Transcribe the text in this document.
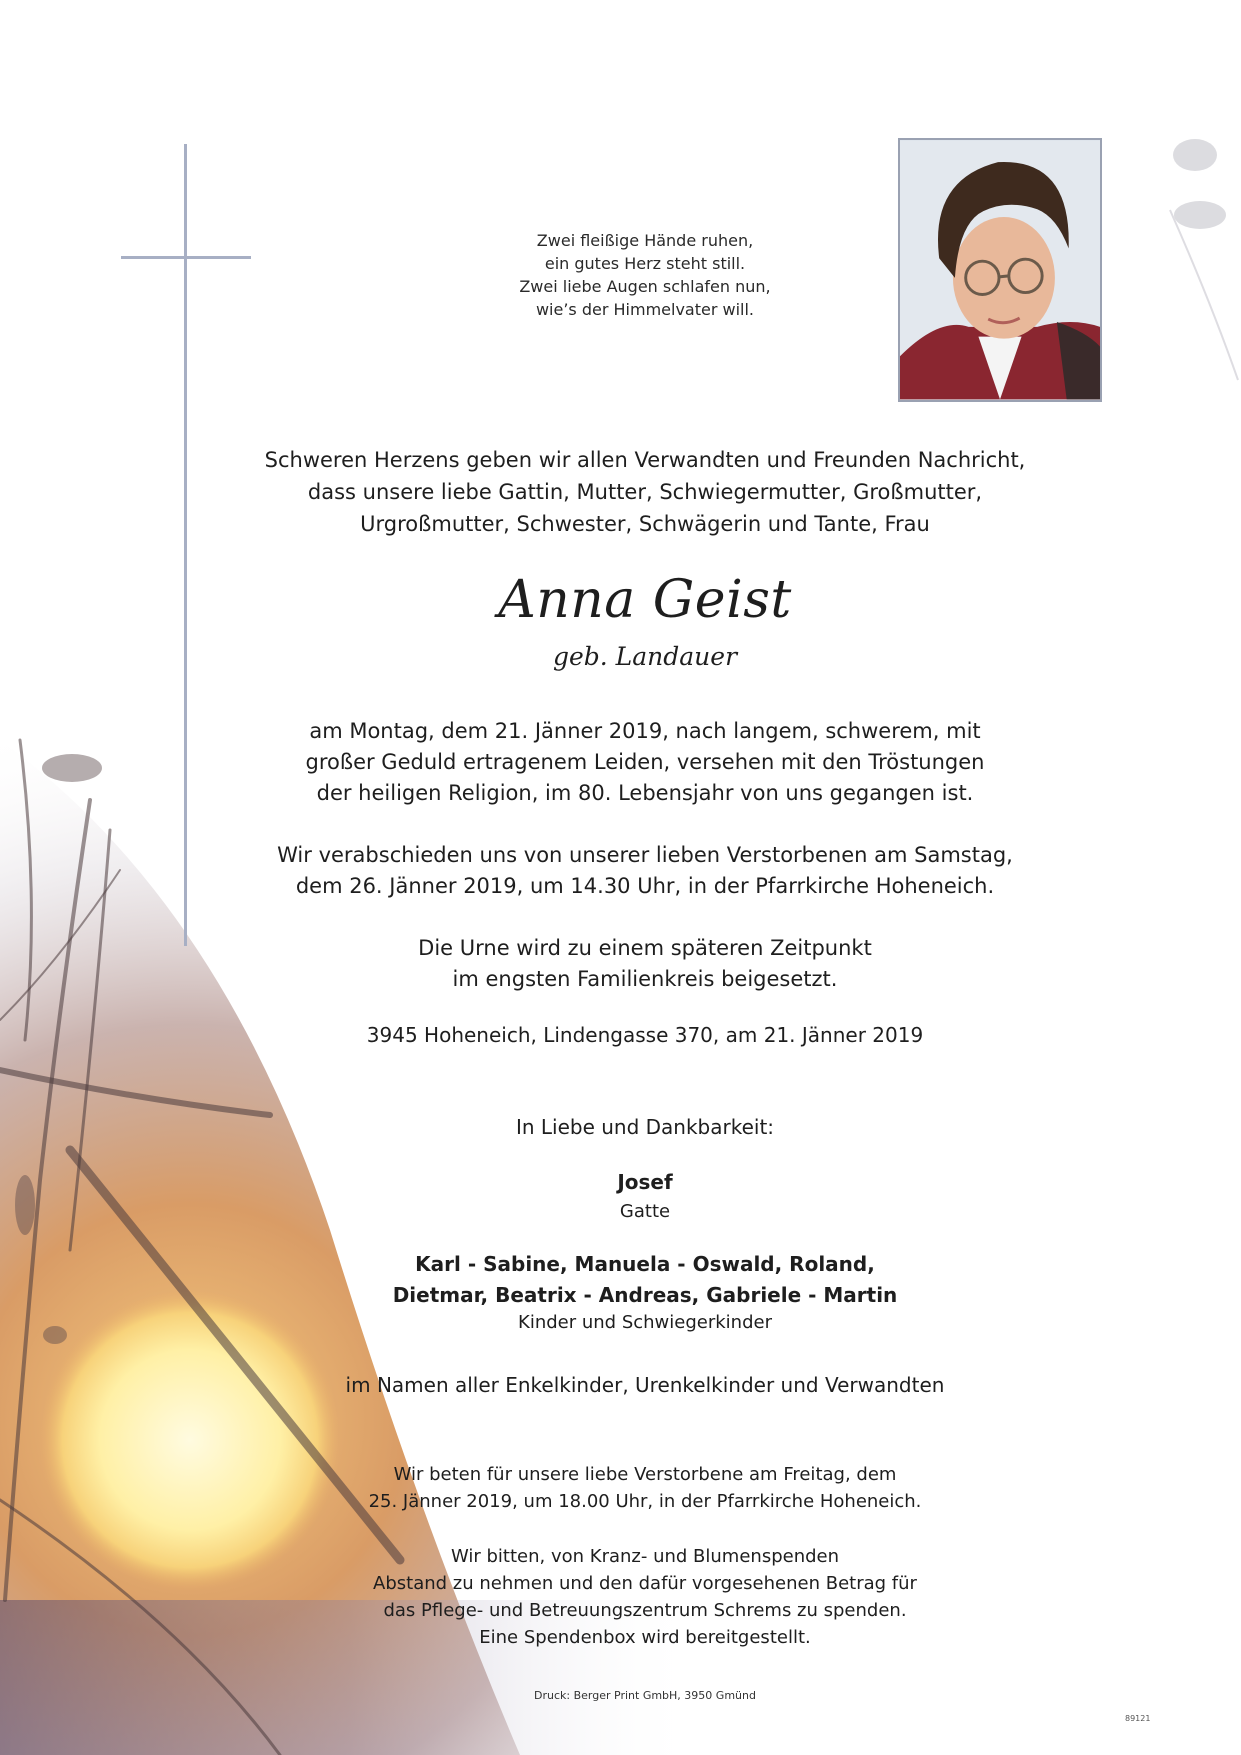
Zwei fleißige Hände ruhen,

ein gutes Herz steht still.

Zwei liebe Augen schlafen nun,

wie’s der Himmelvater will.

Schweren Herzens geben wir allen Verwandten und Freunden Nachricht,

dass unsere liebe Gattin, Mutter, Schwiegermutter, Großmutter,

Urgroßmutter, Schwester, Schwägerin und Tante, Frau

Anna Geist
geb. Landauer

am Montag, dem 21. Jänner 2019, nach langem, schwerem, mit

großer Geduld ertragenem Leiden, versehen mit den Tröstungen

der heiligen Religion, im 80. Lebensjahr von uns gegangen ist.

Wir verabschieden uns von unserer lieben Verstorbenen am Samstag,

dem 26. Jänner 2019, um 14.30 Uhr, in der Pfarrkirche Hoheneich.

Die Urne wird zu einem späteren Zeitpunkt

im engsten Familienkreis beigesetzt.

3945 Hoheneich, Lindengasse 370, am 21. Jänner 2019
In Liebe und Dankbarkeit:
Josef
Gatte

Karl - Sabine, Manuela - Oswald, Roland,

Dietmar, Beatrix - Andreas, Gabriele - Martin

Kinder und Schwiegerkinder
im Namen aller Enkelkinder, Urenkelkinder und Verwandten

Wir beten für unsere liebe Verstorbene am Freitag, dem

25. Jänner 2019, um 18.00 Uhr, in der Pfarrkirche Hoheneich.

Wir bitten, von Kranz- und Blumenspenden

Abstand zu nehmen und den dafür vorgesehenen Betrag für

das Pflege- und Betreuungszentrum Schrems zu spenden.

Eine Spendenbox wird bereitgestellt.

Druck: Berger Print GmbH, 3950 Gmünd
89121
